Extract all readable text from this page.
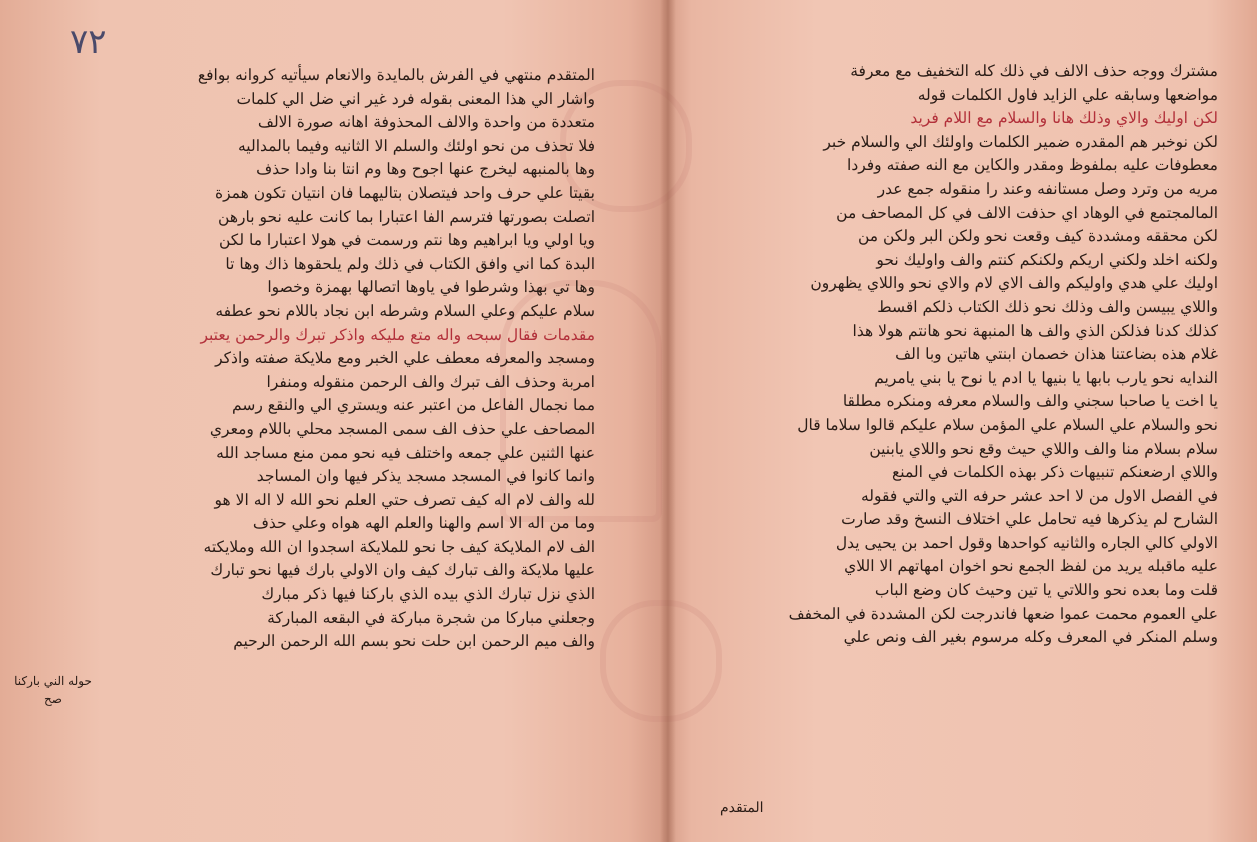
٧٢
المتقدم منتهي في الفرش بالمايدة والانعام سيأتيه كروانه بوافع
واشار الي هذا المعنى بقوله فرد غير اني ضل الي كلمات
متعددة من واحدة والالف المحذوفة اهانه صورة الالف
فلا تحذف من نحو اولئك والسلم الا الثانيه وفيما بالمداليه
وها بالمنبهه ليخرج عنها اجوح وها وم انتا بنا وادا حذف
بقيتا علي حرف واحد فيتصلان بتاليهما فان انتيان تكون همزة
اتصلت بصورتها فترسم الفا اعتبارا بما كانت عليه نحو بارهن
ويا اولي ويا ابراهيم وها نتم ورسمت في هولا اعتبارا ما لكن
البدة كما اني وافق الكتاب في ذلك ولم يلحقوها ذاك وها تا
وها تي بهذا وشرطوا في ياوها اتصالها بهمزة وخصوا
سلام عليكم وعلي السلام وشرطه ابن نجاد باللام نحو عطفه
مقدمات فقال سبحه واله متع مليكه واذكر تبرك والرحمن يعتبر
ومسجد والمعرفه معطف علي الخبر ومع ملايكة صفته واذكر
امربة وحذف الف تبرك والف الرحمن منقوله ومنفرا
مما نجمال الفاعل من اعتبر عنه ويستري الي والنقع رسم
المصاحف علي حذف الف سمى المسجد محلي باللام ومعري
عنها الثنين علي جمعه واختلف فيه نحو ممن منع مساجد الله
وانما كانوا في المسجد مسجد يذكر فيها وان المساجد
لله والف لام اله كيف تصرف حتي العلم نحو الله لا اله الا هو
وما من اله الا اسم والهنا والعلم الهه هواه وعلي حذف
الف لام الملايكة كيف جا نحو للملايكة اسجدوا ان الله وملايكته
عليها ملايكة والف تبارك كيف وان الاولي بارك فيها نحو تبارك
الذي نزل تبارك الذي بيده الذي باركنا فيها ذكر مبارك
وجعلني مباركا من شجرة مباركة في البقعه المباركة
والف ميم الرحمن ابن حلت نحو بسم الله الرحمن الرحيم
حوله الني باركنا
صح
مشترك ووجه حذف الالف في ذلك كله التخفيف مع معرفة
مواضعها وسابقه علي الزايد فاول الكلمات قوله
لكن اوليك والاي وذلك هانا والسلام مع اللام فريد
لكن نوخبر هم المقدره ضمير الكلمات واولئك الي والسلام خبر
معطوفات عليه بملفوظ ومقدر والكاين مع النه صفته وفردا
مريه من وترد وصل مستانفه وعند را منقوله جمع عدر
المالمجتمع في الوهاد اي حذفت الالف في كل المصاحف من
لكن محققه ومشددة كيف وقعت نحو ولكن البر ولكن من
ولكنه اخلد ولكني اريكم ولكنكم كنتم والف واوليك نحو
اوليك علي هدي واوليكم والف الاي لام والاي نحو واللاي يظهرون
واللاي يبيسن والف وذلك نحو ذلك الكتاب ذلكم اقسط
كذلك كدنا فذلكن الذي والف ها المنبهة نحو هانتم هولا هذا
غلام هذه بضاعتنا هذان خصمان ابنتي هاتين وبا الف
الندايه نحو يارب بابها يا بنيها يا ادم يا نوح يا بني يامريم
يا اخت يا صاحبا سجني والف والسلام معرفه ومنكره مطلقا
نحو والسلام علي السلام علي المؤمن سلام عليكم قالوا سلاما قال
سلام بسلام منا والف واللاي حيث وقع نحو واللاي يابنين
واللاي ارضعنكم تنبيهات ذكر بهذه الكلمات في المنع
في الفصل الاول من لا احد عشر حرفه التي والتي فقوله
الشارح لم يذكرها فيه تحامل علي اختلاف النسخ وقد صارت
الاولي كالي الجاره والثانيه كواحدها وقول احمد بن يحيى يدل
عليه ماقبله يريد من لفظ الجمع نحو اخوان امهاتهم الا اللاي
قلت وما بعده نحو واللاتي يا تين وحيث كان وضع الباب
علي العموم محمت عموا ضعها فاندرجت لكن المشددة في المخفف
وسلم المنكر في المعرف وكله مرسوم بغير الف ونص علي
المتقدم
